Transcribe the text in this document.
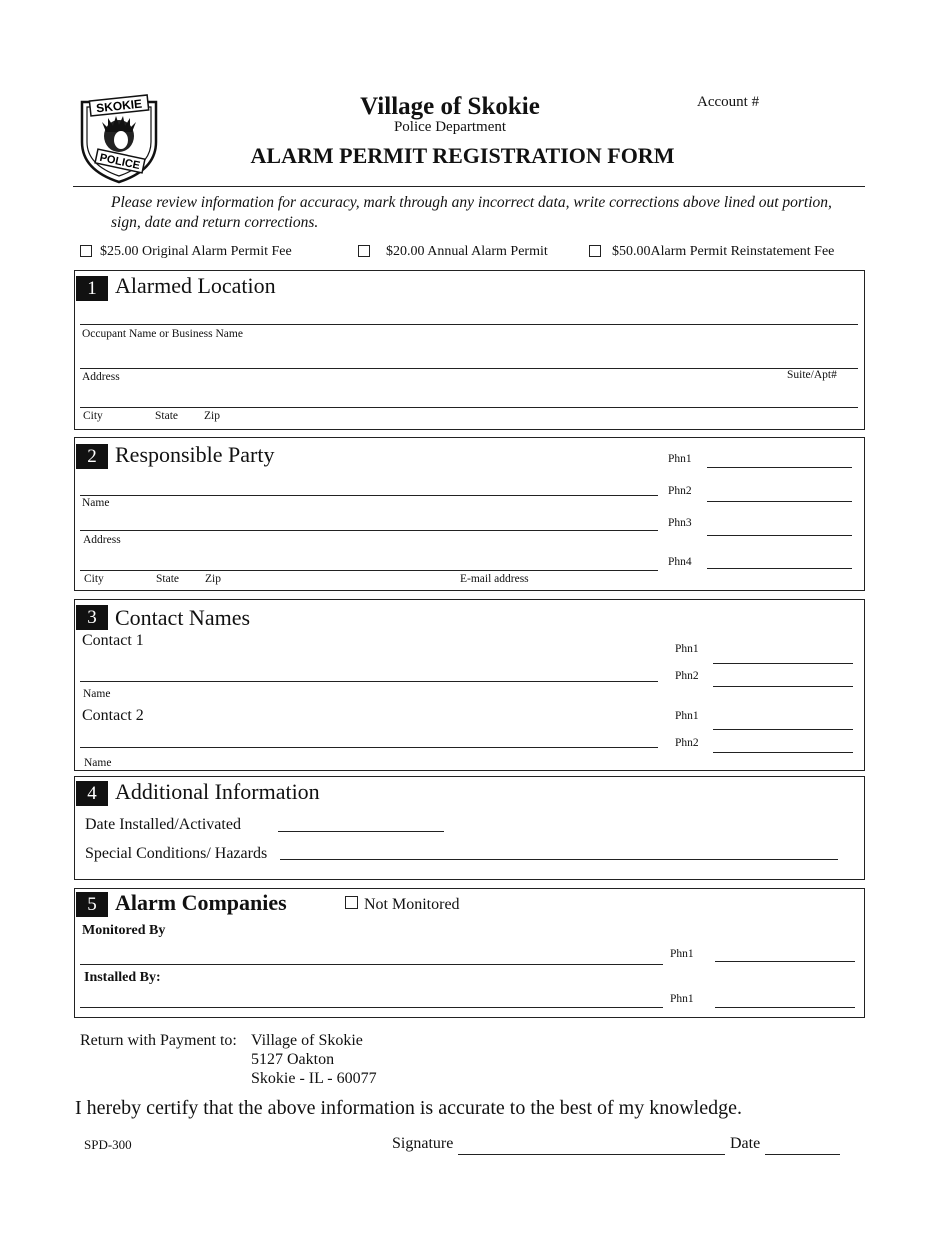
SKOKIE
POLICE
Village of Skokie
Police Department
ALARM PERMIT REGISTRATION FORM
Account #
Please review information for accuracy, mark through any incorrect data, write corrections above lined out portion, sign, date and return corrections.
$25.00 Original Alarm Permit Fee	$20.00 Annual Alarm Permit	$50.00Alarm Permit Reinstatement Fee
1 Alarmed Location
Occupant Name or Business Name
Address	Suite/Apt#
City	State Zip
2 Responsible Party
Name
Address
City	State Zip	E-mail address
Phn1
Phn2
Phn3
Phn4
3 Contact Names
Contact 1
Name
Phn1
Phn2
Contact 2
Name
Phn1
Phn2
4 Additional Information
Date Installed/Activated
Special Conditions/ Hazards
5 Alarm Companies	Not Monitored
Monitored By
Phn1
Installed By:
Phn1
Return with Payment to: Village of Skokie
5127 Oakton
Skokie - IL - 60077
I hereby certify that the above information is accurate to the best of my knowledge.
SPD-300	Signature	Date
